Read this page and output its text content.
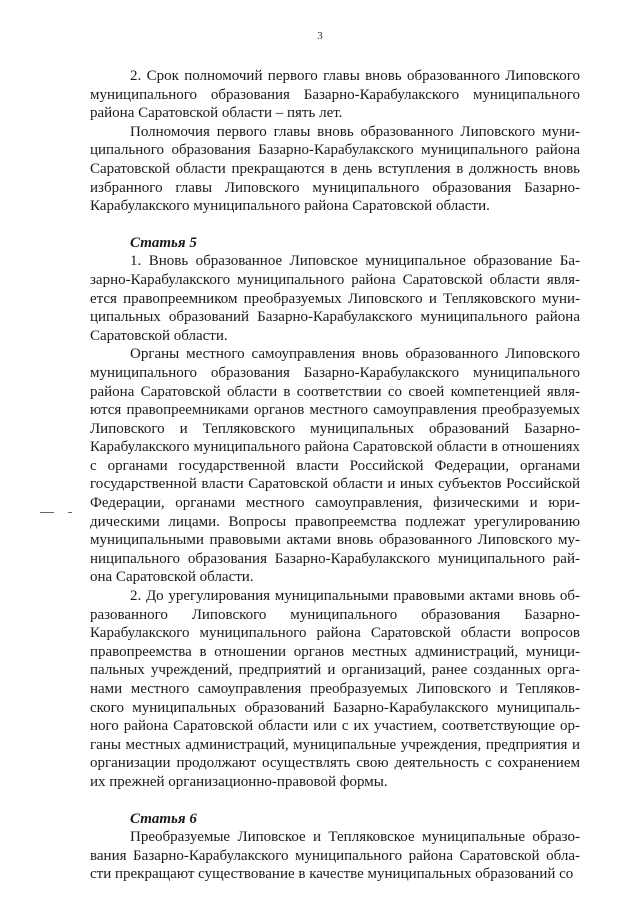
3

2. Срок полномочий первого главы вновь образованного Липовского муниципального образования Базарно-Карабулакского муниципального района Саратовской области – пять лет.

Полномочия первого главы вновь образованного Липовского муниципального образования Базарно-Карабулакского муниципального района Саратовской области прекращаются в день вступления в должность вновь избранного главы Липовского муниципального образования Базарно-Карабулакского муниципального района Саратовской области.

Статья 5

1. Вновь образованное Липовское муниципальное образование Базарно-Карабулакского муниципального района Саратовской области является правопреемником преобразуемых Липовского и Тепляковского муниципальных образований Базарно-Карабулакского муниципального района Саратовской области.

Органы местного самоуправления вновь образованного Липовского муниципального образования Базарно-Карабулакского муниципального района Саратовской области в соответствии со своей компетенцией являются правопреемниками органов местного самоуправления преобразуемых Липовского и Тепляковского муниципальных образований Базарно-Карабулакского муниципального района Саратовской области в отношениях с органами государственной власти Российской Федерации, органами государственной власти Саратовской области и иных субъектов Российской Федерации, органами местного самоуправления, физическими и юридическими лицами. Вопросы правопреемства подлежат урегулированию муниципальными правовыми актами вновь образованного Липовского муниципального образования Базарно-Карабулакского муниципального района Саратовской области.

2. До урегулирования муниципальными правовыми актами вновь образованного Липовского муниципального образования Базарно-Карабулакского муниципального района Саратовской области вопросов правопреемства в отношении органов местных администраций, муниципальных учреждений, предприятий и организаций, ранее созданных органами местного самоуправления преобразуемых Липовского и Тепляковского муниципальных образований Базарно-Карабулакского муниципального района Саратовской области или с их участием, соответствующие органы местных администраций, муниципальные учреждения, предприятия и организации продолжают осуществлять свою деятельность с сохранением их прежней организационно-правовой формы.

Статья 6

Преобразуемые Липовское и Тепляковское муниципальные образования Базарно-Карабулакского муниципального района Саратовской области прекращают существование в качестве муниципальных образований со
